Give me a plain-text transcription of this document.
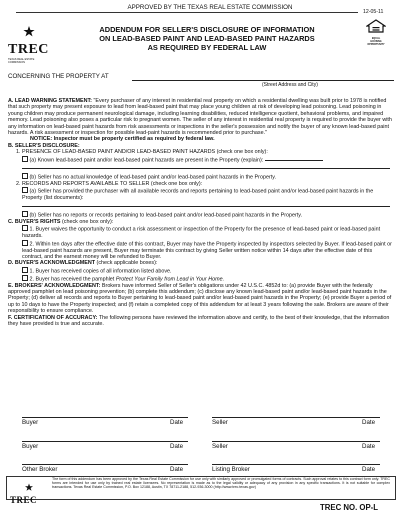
APPROVED BY THE TEXAS REAL ESTATE COMMISSION
12-05-11
TREC
TEXAS REAL ESTATE COMMISSION
EQUAL HOUSING
OPPORTUNITY
ADDENDUM FOR SELLER'S DISCLOSURE OF INFORMATION
ON LEAD-BASED PAINT AND LEAD-BASED PAINT HAZARDS
AS REQUIRED BY FEDERAL LAW
CONCERNING THE PROPERTY AT
(Street Address and City)

A. LEAD WARNING STATEMENT: "Every purchaser of any interest in residential real property on which a residential dwelling was built prior to 1978 is notified that such property may present exposure to lead from lead-based paint that may place young children at risk of developing lead poisoning. Lead poisoning in young children may produce permanent neurological damage, including learning disabilities, reduced intelligence quotient, behavioral problems, and impaired memory. Lead poisoning also poses a particular risk to pregnant women. The seller of any interest in residential real property is required to provide the buyer with any information on lead-based paint hazards from risk assessments or inspections in the seller's possession and notify the buyer of any known lead-based paint hazards. A risk assessment or inspection for possible lead-paint hazards is recommended prior to purchase."

NOTICE: Inspector must be properly certified as required by federal law.

B. SELLER'S DISCLOSURE:

1. PRESENCE OF LEAD-BASED PAINT AND/OR LEAD-BASED PAINT HAZARDS (check one box only):

(a) Known lead-based paint and/or lead-based paint hazards are present in the Property (explain):

(b) Seller has no actual knowledge of lead-based paint and/or lead-based paint hazards in the Property.

2. RECORDS AND REPORTS AVAILABLE TO SELLER (check one box only):

(a) Seller has provided the purchaser with all available records and reports pertaining to lead-based paint and/or lead-based paint hazards in the Property (list documents):

(b) Seller has no reports or records pertaining to lead-based paint and/or lead-based paint hazards in the Property.

C. BUYER'S RIGHTS (check one box only):

1. Buyer waives the opportunity to conduct a risk assessment or inspection of the Property for the presence of lead-based paint or lead-based paint hazards.

2. Within ten days after the effective date of this contract, Buyer may have the Property inspected by inspectors selected by Buyer. If lead-based paint or lead-based paint hazards are present, Buyer may terminate this contract by giving Seller written notice within 14 days after the effective date of this contract, and the earnest money will be refunded to Buyer.

D. BUYER'S ACKNOWLEDGMENT (check applicable boxes):

1. Buyer has received copies of all information listed above.

2. Buyer has received the pamphlet Protect Your Family from Lead in Your Home.

E. BROKERS' ACKNOWLEDGMENT: Brokers have informed Seller of Seller's obligations under 42 U.S.C. 4852d to: (a) provide Buyer with the federally approved pamphlet on lead poisoning prevention; (b) complete this addendum; (c) disclose any known lead-based paint and/or lead-based paint hazards in the Property; (d) deliver all records and reports to Buyer pertaining to lead-based paint and/or lead-based paint hazards in the Property; (e) provide Buyer a period of up to 10 days to have the Property inspected; and (f) retain a completed copy of this addendum for at least 3 years following the sale. Brokers are aware of their responsibility to ensure compliance.

F. CERTIFICATION OF ACCURACY: The following persons have reviewed the information above and certify, to the best of their knowledge, that the information they have provided is true and accurate.

Buyer	Date	Seller	Date
Buyer	Date	Seller	Date
Other Broker	Date	Listing Broker	Date
TREC
The form of this addendum has been approved by the Texas Real Estate Commission for use only with similarly approved or promulgated forms of contracts. Such approval relates to this contract form only. TREC forms are intended for use only by trained real estate licensees. No representation is made as to the legal validity or adequacy of any provision in any specific transactions. It is not suitable for complex transactions. Texas Real Estate Commission, P.O. Box 12188, Austin, TX 78711-2188, 512-936-3000 (http://www.trec.texas.gov)
TREC NO. OP-L
